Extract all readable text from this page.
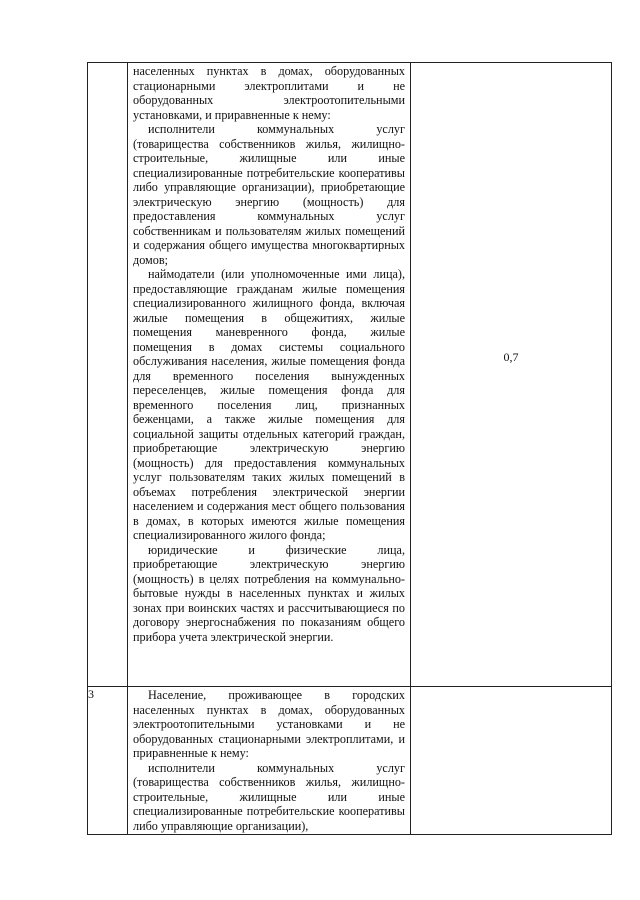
	населенных пунктах в домах, оборудованных стационарными электроплитами и не оборудованных электроотопительными установками, и приравненные к нему:

исполнители коммунальных услуг (товарищества собственников жилья, жилищно-строительные, жилищные или иные специализированные потребительские кооперативы либо управляющие организации), приобретающие электрическую энергию (мощность) для предоставления коммунальных услуг собственникам и пользователям жилых помещений и содержания общего имущества многоквартирных домов;

наймодатели (или уполномоченные ими лица), предоставляющие гражданам жилые помещения специализированного жилищного фонда, включая жилые помещения в общежитиях, жилые помещения маневренного фонда, жилые помещения в домах системы социального обслуживания населения, жилые помещения фонда для временного поселения вынужденных переселенцев, жилые помещения фонда для временного поселения лиц, признанных беженцами, а также жилые помещения для социальной защиты отдельных категорий граждан, приобретающие электрическую энергию (мощность) для предоставления коммунальных услуг пользователям таких жилых помещений в объемах потребления электрической энергии населением и содержания мест общего пользования в домах, в которых имеются жилые помещения специализированного жилого фонда;

юридические и физические лица, приобретающие электрическую энергию (мощность) в целях потребления на коммунально-бытовые нужды в населенных пунктах и жилых зонах при воинских частях и рассчитывающиеся по договору энергоснабжения по показаниям общего прибора учета электрической энергии.	0,7

3	Население, проживающее в городских населенных пунктах в домах, оборудованных электроотопительными установками и не оборудованных стационарными электроплитами, и приравненные к нему:

исполнители коммунальных услуг (товарищества собственников жилья, жилищно-строительные, жилищные или иные специализированные потребительские кооперативы либо управляющие организации),	
